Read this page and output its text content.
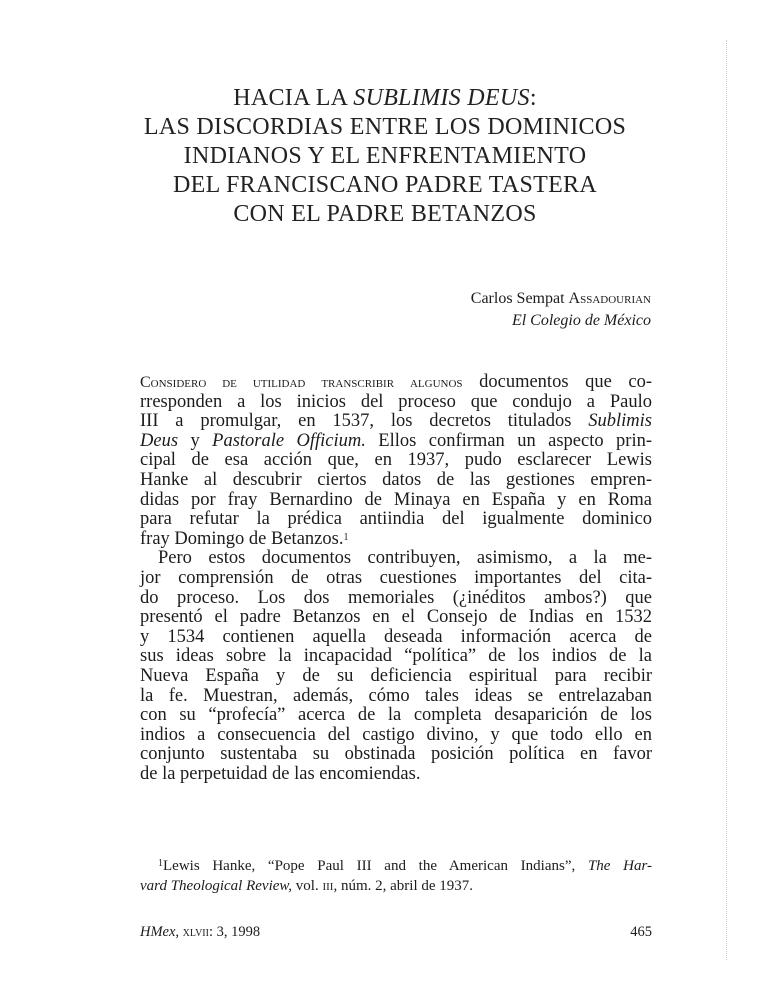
HACIA LA SUBLIMIS DEUS:
LAS DISCORDIAS ENTRE LOS DOMINICOS
INDIANOS Y EL ENFRENTAMIENTO
DEL FRANCISCANO PADRE TASTERA
CON EL PADRE BETANZOS
Carlos Sempat Assadourian
El Colegio de México
Considero de utilidad transcribir algunos documentos que co-
rresponden a los inicios del proceso que condujo a Paulo
III a promulgar, en 1537, los decretos titulados Sublimis
Deus y Pastorale Officium. Ellos confirman un aspecto prin-
cipal de esa acción que, en 1937, pudo esclarecer Lewis
Hanke al descubrir ciertos datos de las gestiones empren-
didas por fray Bernardino de Minaya en España y en Roma
para refutar la prédica antiindia del igualmente dominico
fray Domingo de Betanzos.$^1$
Pero estos documentos contribuyen, asimismo, a la me-
jor comprensión de otras cuestiones importantes del cita-
do proceso. Los dos memoriales (¿inéditos ambos?) que
presentó el padre Betanzos en el Consejo de Indias en 1532
y 1534 contienen aquella deseada información acerca de
sus ideas sobre la incapacidad “política” de los indios de la
Nueva España y de su deficiencia espiritual para recibir
la fe. Muestran, además, cómo tales ideas se entrelazaban
con su “profecía” acerca de la completa desaparición de los
indios a consecuencia del castigo divino, y que todo ello en
conjunto sustentaba su obstinada posición política en favor
de la perpetuidad de las encomiendas.
$^1$Lewis Hanke, “Pope Paul III and the American Indians”, The Har-
vard Theological Review, vol. iii, núm. 2, abril de 1937.
HMex, xlvii: 3, 1998	465
